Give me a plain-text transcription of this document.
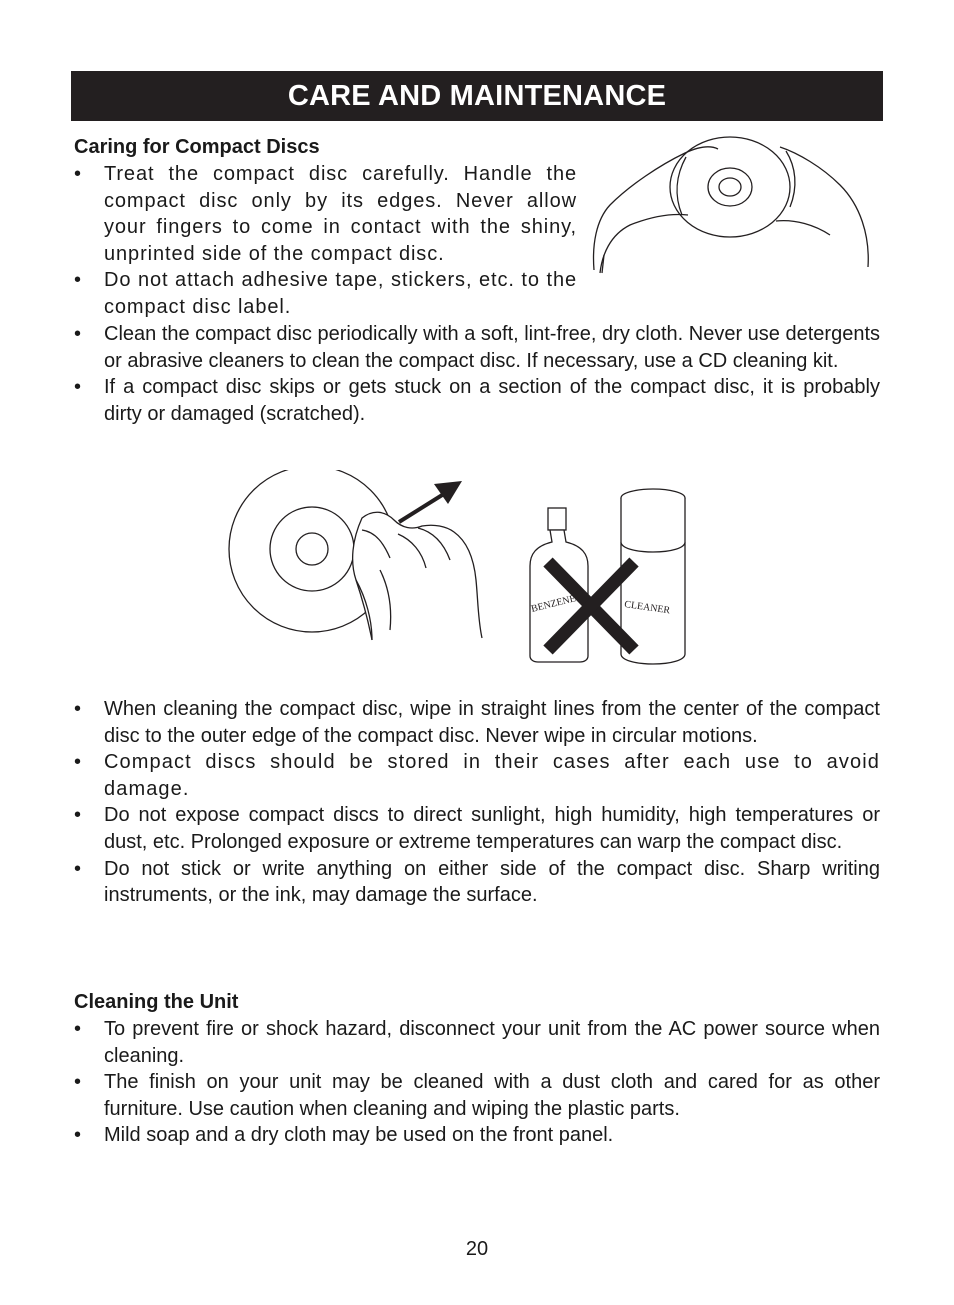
CARE AND MAINTENANCE
Caring for Compact Discs
• Treat the compact disc carefully. Handle the compact disc only by its edges. Never allow your fingers to come in contact with the shiny, unprinted side of the compact disc.
• Do not attach adhesive tape, stickers, etc. to the compact disc label.
• Clean the compact disc periodically with a soft, lint-free, dry cloth. Never use detergents or abrasive cleaners to clean the compact disc. If necessary, use a CD cleaning kit.
• If a compact disc skips or gets stuck on a section of the compact disc, it is probably dirty or damaged (scratched).
BENZENE	CLEANER
• When cleaning the compact disc, wipe in straight lines from the center of the compact disc to the outer edge of the compact disc. Never wipe in circular motions.
• Compact discs should be stored in their cases after each use to avoid damage.
• Do not expose compact discs to direct sunlight, high humidity, high temperatures or dust, etc. Prolonged exposure or extreme temperatures can warp the compact disc.
• Do not stick or write anything on either side of the compact disc. Sharp writing instruments, or the ink, may damage the surface.
Cleaning the Unit
• To prevent fire or shock hazard, disconnect your unit from the AC power source when cleaning.
• The finish on your unit may be cleaned with a dust cloth and cared for as other furniture. Use caution when cleaning and wiping the plastic parts.
• Mild soap and a dry cloth may be used on the front panel.
20
